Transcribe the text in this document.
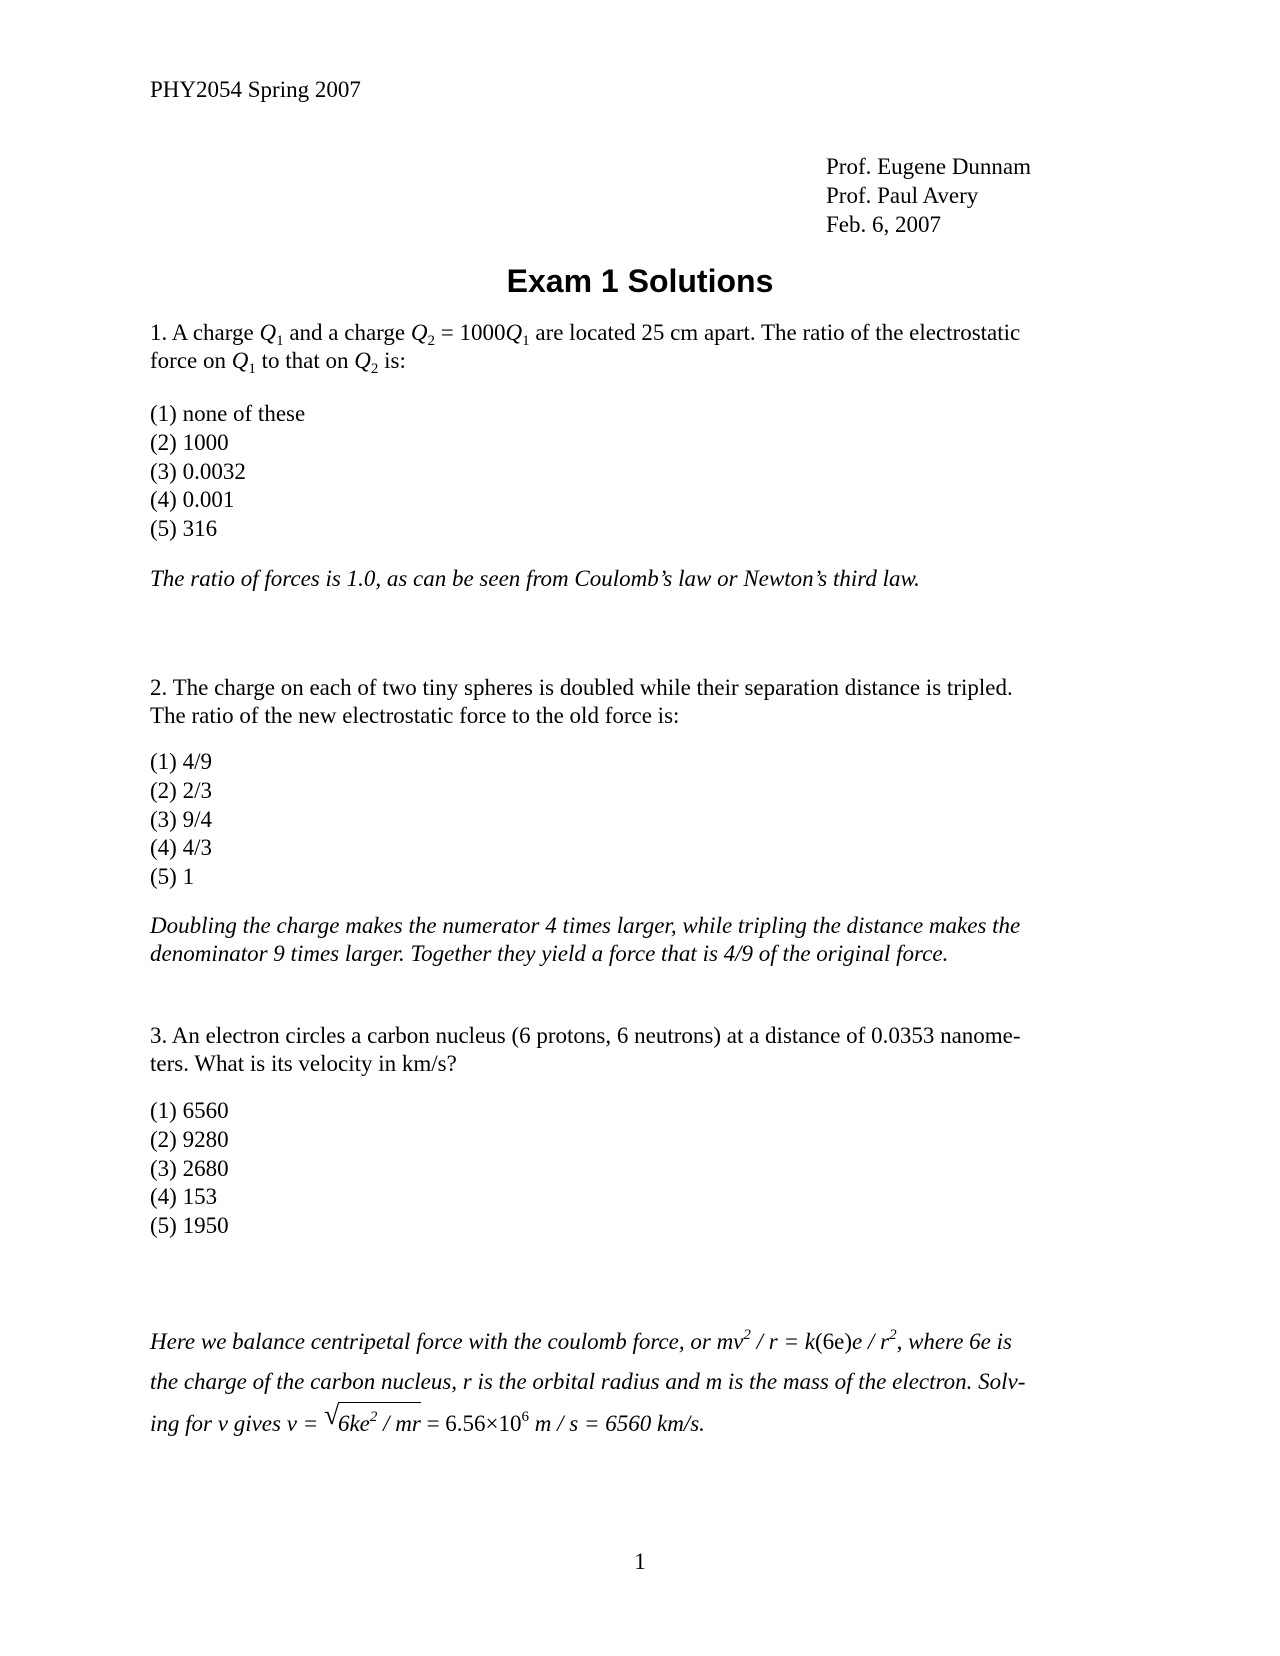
PHY2054 Spring 2007
Prof. Eugene Dunnam
Prof. Paul Avery
Feb. 6, 2007
Exam 1 Solutions

1. A charge $Q_1$ and a charge $Q_2 = 1000Q_1$ are located 25 cm apart. The ratio of the electrostatic

force on $Q_1$ to that on $Q_2$ is:

(1) none of these
(2) 1000
(3) 0.0032
(4) 0.001
(5) 316

The ratio of forces is 1.0, as can be seen from Coulomb’s law or Newton’s third law.

2. The charge on each of two tiny spheres is doubled while their separation distance is tripled.

The ratio of the new electrostatic force to the old force is:

(1) 4/9
(2) 2/3
(3) 9/4
(4) 4/3
(5) 1

Doubling the charge makes the numerator 4 times larger, while tripling the distance makes the

denominator 9 times larger. Together they yield a force that is 4/9 of the original force.

3. An electron circles a carbon nucleus (6 protons, 6 neutrons) at a distance of 0.0353 nanome-

ters. What is its velocity in km/s?

(1) 6560
(2) 9280
(3) 2680
(4) 153
(5) 1950

Here we balance centripetal force with the coulomb force, or $mv^2 / r = k(6e)e / r^2$, where 6e is

the charge of the carbon nucleus, r is the orbital radius and m is the mass of the electron. Solv-

ing for v gives v = √
$6ke^2$ / mr = $6.56\times 10^6$ m / s = 6560 km/s.

1
